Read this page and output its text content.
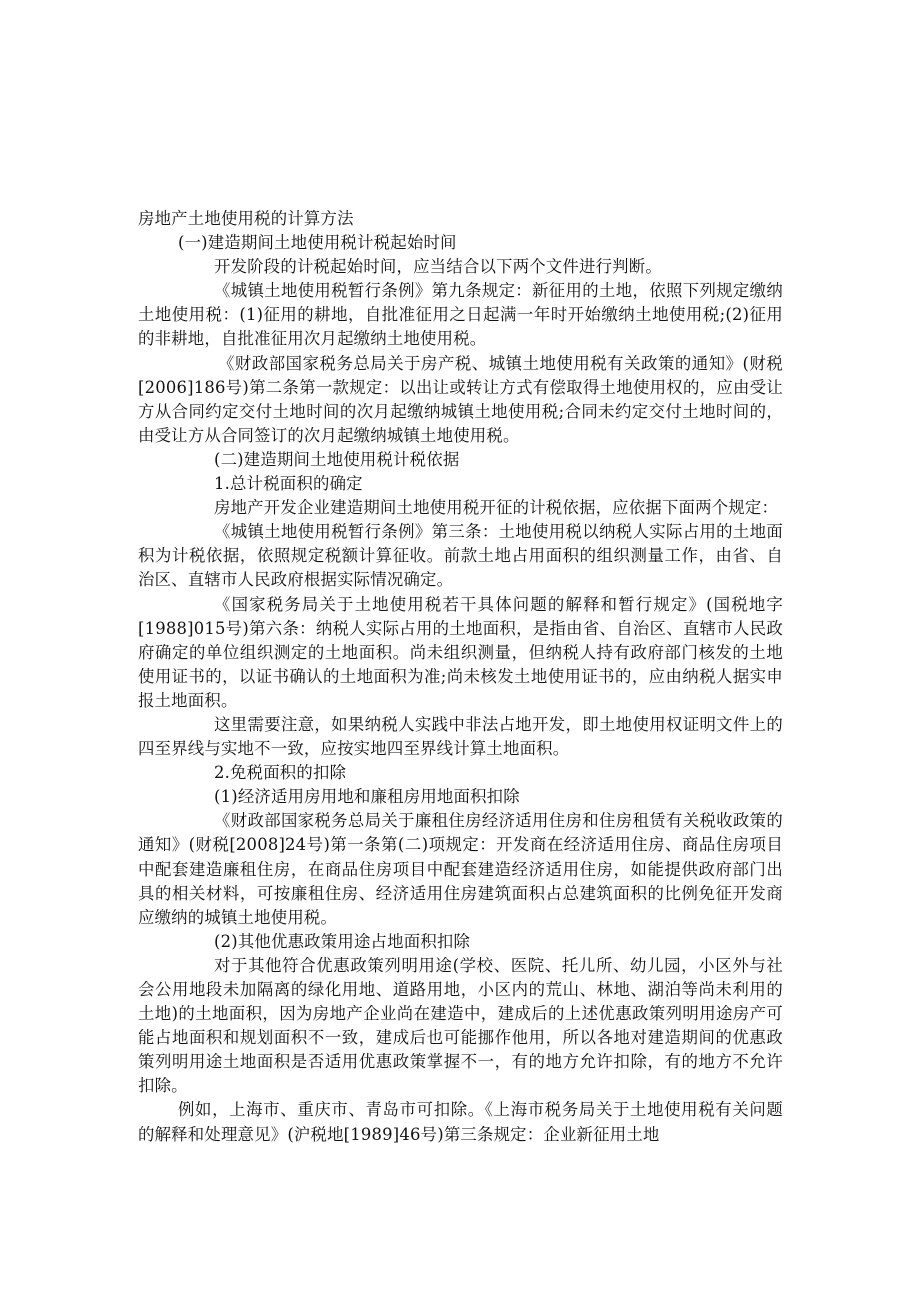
房地产土地使用税的计算方法
(一)建造期间土地使用税计税起始时间
开发阶段的计税起始时间，应当结合以下两个文件进行判断。
《城镇土地使用税暂行条例》第九条规定：新征用的土地，依照下列规定缴纳土地使用税：(1)征用的耕地，自批准征用之日起满一年时开始缴纳土地使用税;(2)征用的非耕地，自批准征用次月起缴纳土地使用税。
《财政部国家税务总局关于房产税、城镇土地使用税有关政策的通知》(财税[2006]186号)第二条第一款规定：以出让或转让方式有偿取得土地使用权的，应由受让方从合同约定交付土地时间的次月起缴纳城镇土地使用税;合同未约定交付土地时间的，由受让方从合同签订的次月起缴纳城镇土地使用税。
(二)建造期间土地使用税计税依据
1.总计税面积的确定
房地产开发企业建造期间土地使用税开征的计税依据，应依据下面两个规定：
《城镇土地使用税暂行条例》第三条：土地使用税以纳税人实际占用的土地面积为计税依据，依照规定税额计算征收。前款土地占用面积的组织测量工作，由省、自治区、直辖市人民政府根据实际情况确定。
《国家税务局关于土地使用税若干具体问题的解释和暂行规定》(国税地字[1988]015号)第六条：纳税人实际占用的土地面积，是指由省、自治区、直辖市人民政府确定的单位组织测定的土地面积。尚未组织测量，但纳税人持有政府部门核发的土地使用证书的，以证书确认的土地面积为准;尚未核发土地使用证书的，应由纳税人据实申报土地面积。
这里需要注意，如果纳税人实践中非法占地开发，即土地使用权证明文件上的四至界线与实地不一致，应按实地四至界线计算土地面积。
2.免税面积的扣除
(1)经济适用房用地和廉租房用地面积扣除
《财政部国家税务总局关于廉租住房经济适用住房和住房租赁有关税收政策的通知》(财税[2008]24号)第一条第(二)项规定：开发商在经济适用住房、商品住房项目中配套建造廉租住房，在商品住房项目中配套建造经济适用住房，如能提供政府部门出具的相关材料，可按廉租住房、经济适用住房建筑面积占总建筑面积的比例免征开发商应缴纳的城镇土地使用税。
(2)其他优惠政策用途占地面积扣除
对于其他符合优惠政策列明用途(学校、医院、托儿所、幼儿园，小区外与社会公用地段未加隔离的绿化用地、道路用地，小区内的荒山、林地、湖泊等尚未利用的土地)的土地面积，因为房地产企业尚在建造中，建成后的上述优惠政策列明用途房产可能占地面积和规划面积不一致，建成后也可能挪作他用，所以各地对建造期间的优惠政策列明用途土地面积是否适用优惠政策掌握不一，有的地方允许扣除，有的地方不允许扣除。
例如，上海市、重庆市、青岛市可扣除。《上海市税务局关于土地使用税有关问题的解释和处理意见》(沪税地[1989]46号)第三条规定：企业新征用土地
